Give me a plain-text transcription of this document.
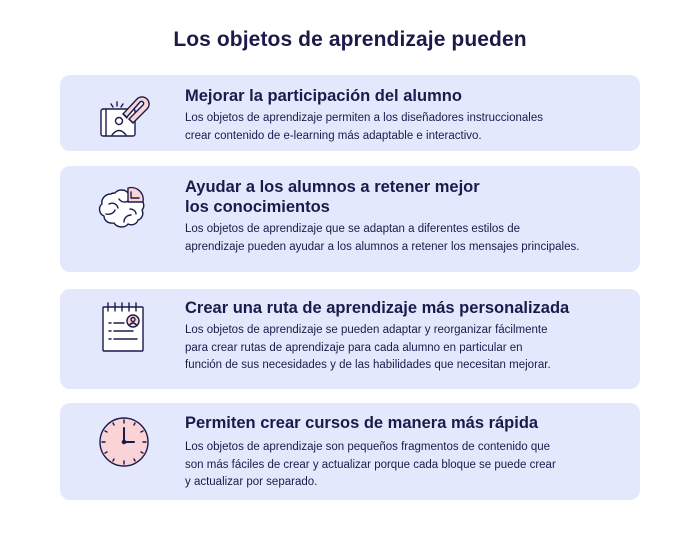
Los objetos de aprendizaje pueden
Mejorar la participación del alumno
Los objetos de aprendizaje permiten a los diseñadores instruccionales
crear contenido de e-learning más adaptable e interactivo.
Ayudar a los alumnos a retener mejor
los conocimientos
Los objetos de aprendizaje que se adaptan a diferentes estilos de
aprendizaje pueden ayudar a los alumnos a retener los mensajes principales.
Crear una ruta de aprendizaje más personalizada
Los objetos de aprendizaje se pueden adaptar y reorganizar fácilmente
para crear rutas de aprendizaje para cada alumno en particular en
función de sus necesidades y de las habilidades que necesitan mejorar.
Permiten crear cursos de manera más rápida
Los objetos de aprendizaje son pequeños fragmentos de contenido que
son más fáciles de crear y actualizar porque cada bloque se puede crear
y actualizar por separado.
